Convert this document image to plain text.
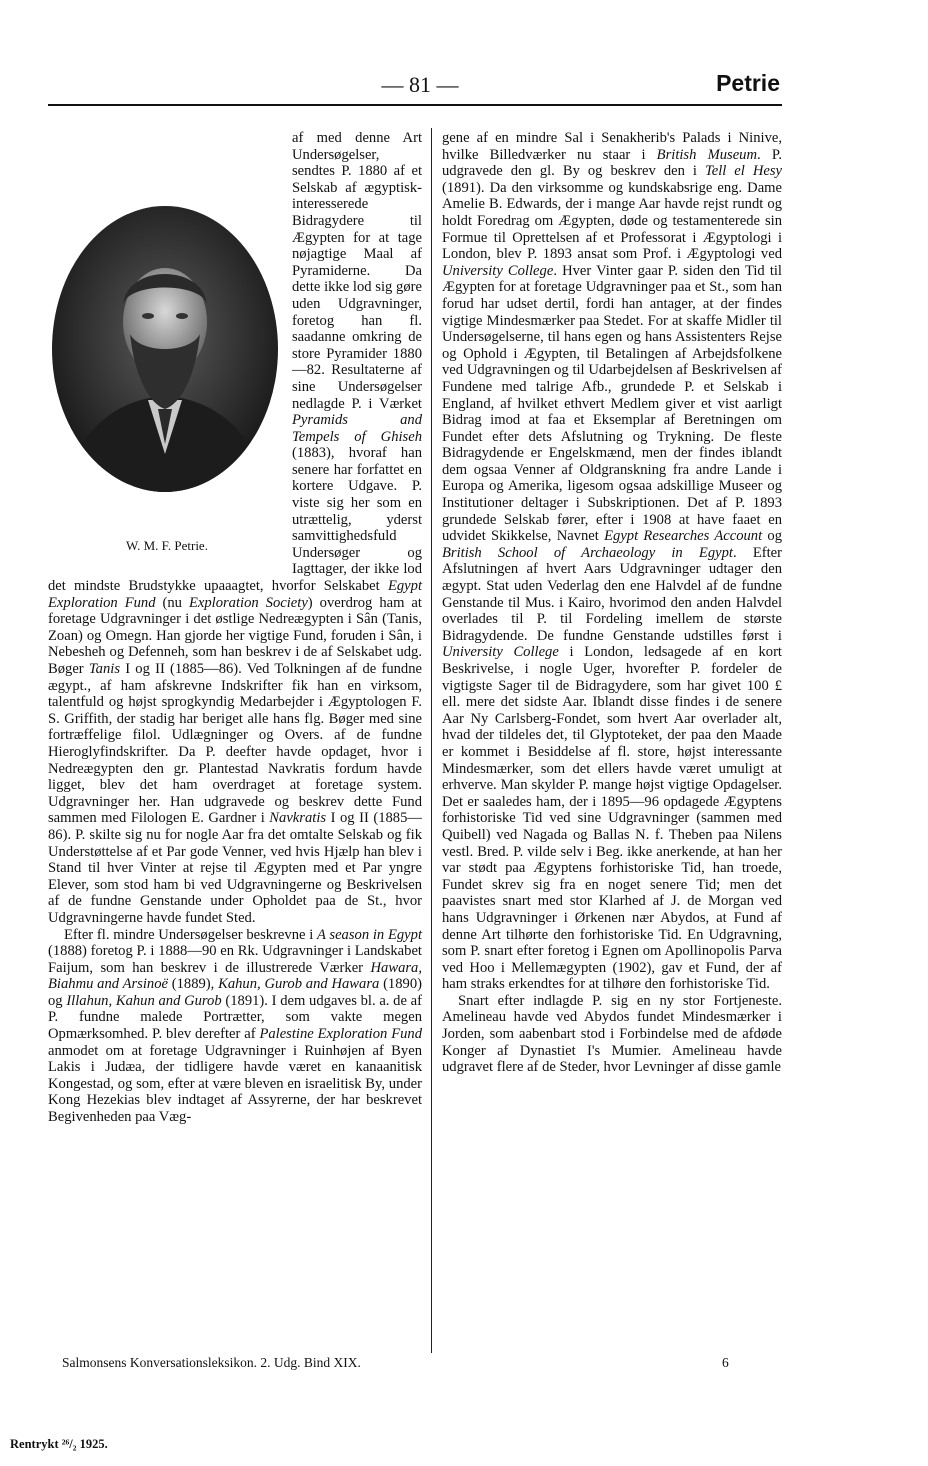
— 81 —	Petrie
W. M. F. Petrie.

af med denne Art Undersøgelser, sendtes P. 1880 af et Selskab af ægyptisk-interesserede Bidragydere til Ægypten for at tage nøjagtige Maal af Pyramiderne. Da dette ikke lod sig gøre uden Udgravninger, foretog han fl. saadanne omkring de store Pyramider 1880—82. Resultaterne af sine Undersøgelser nedlagde P. i Værket Pyramids and Tempels of Ghiseh (1883), hvoraf han senere har forfattet en kortere Udgave. P. viste sig her som en utrættelig, yderst samvittighedsfuld Undersøger og Iagttager, der ikke lod det mindste Brudstykke upaaagtet, hvorfor Selskabet Egypt Exploration Fund (nu Exploration Society) overdrog ham at foretage Udgravninger i det østlige Nedreægypten i Sân (Tanis, Zoan) og Omegn. Han gjorde her vigtige Fund, foruden i Sân, i Nebesheh og Defenneh, som han beskrev i de af Selskabet udg. Bøger Tanis I og II (1885—86). Ved Tolkningen af de fundne ægypt., af ham afskrevne Indskrifter fik han en virksom, talentfuld og højst sprogkyndig Medarbejder i Ægyptologen F. S. Griffith, der stadig har beriget alle hans flg. Bøger med sine fortræffelige filol. Udlægninger og Overs. af de fundne Hieroglyfindskrifter. Da P. deefter havde opdaget, hvor i Nedreægypten den gr. Plantestad Navkratis fordum havde ligget, blev det ham overdraget at foretage system. Udgravninger her. Han udgravede og beskrev dette Fund sammen med Filologen E. Gardner i Navkratis I og II (1885—86). P. skilte sig nu for nogle Aar fra det omtalte Selskab og fik Understøttelse af et Par gode Venner, ved hvis Hjælp han blev i Stand til hver Vinter at rejse til Ægypten med et Par yngre Elever, som stod ham bi ved Udgravningerne og Beskrivelsen af de fundne Genstande under Opholdet paa de St., hvor Udgravningerne havde fundet Sted.

Efter fl. mindre Undersøgelser beskrevne i A season in Egypt (1888) foretog P. i 1888—90 en Rk. Udgravninger i Landskabet Faijum, som han beskrev i de illustrerede Værker Hawara, Biahmu and Arsinoë (1889), Kahun, Gurob and Hawara (1890) og Illahun, Kahun and Gurob (1891). I dem udgaves bl. a. de af P. fundne malede Portrætter, som vakte megen Opmærksomhed. P. blev derefter af Palestine Exploration Fund anmodet om at foretage Udgravninger i Ruinhøjen af Byen Lakis i Judæa, der tidligere havde været en kanaanitisk Kongestad, og som, efter at være bleven en israelitisk By, under Kong Hezekias blev indtaget af Assyrerne, der har beskrevet Begivenheden paa Væg-

gene af en mindre Sal i Senakherib's Palads i Ninive, hvilke Billedværker nu staar i British Museum. P. udgravede den gl. By og beskrev den i Tell el Hesy (1891). Da den virksomme og kundskabsrige eng. Dame Amelie B. Edwards, der i mange Aar havde rejst rundt og holdt Foredrag om Ægypten, døde og testamenterede sin Formue til Oprettelsen af et Professorat i Ægyptologi i London, blev P. 1893 ansat som Prof. i Ægyptologi ved University College. Hver Vinter gaar P. siden den Tid til Ægypten for at foretage Udgravninger paa et St., som han forud har udset dertil, fordi han antager, at der findes vigtige Mindesmærker paa Stedet. For at skaffe Midler til Undersøgelserne, til hans egen og hans Assistenters Rejse og Ophold i Ægypten, til Betalingen af Arbejdsfolkene ved Udgravningen og til Udarbejdelsen af Beskrivelsen af Fundene med talrige Afb., grundede P. et Selskab i England, af hvilket ethvert Medlem giver et vist aarligt Bidrag imod at faa et Eksemplar af Beretningen om Fundet efter dets Afslutning og Trykning. De fleste Bidragydende er Engelskmænd, men der findes iblandt dem ogsaa Venner af Oldgranskning fra andre Lande i Europa og Amerika, ligesom ogsaa adskillige Museer og Institutioner deltager i Subskriptionen. Det af P. 1893 grundede Selskab fører, efter i 1908 at have faaet en udvidet Skikkelse, Navnet Egypt Researches Account og British School of Archaeology in Egypt. Efter Afslutningen af hvert Aars Udgravninger udtager den ægypt. Stat uden Vederlag den ene Halvdel af de fundne Genstande til Mus. i Kairo, hvorimod den anden Halvdel overlades til P. til Fordeling imellem de største Bidragydende. De fundne Genstande udstilles først i University College i London, ledsagede af en kort Beskrivelse, i nogle Uger, hvorefter P. fordeler de vigtigste Sager til de Bidragydere, som har givet 100 £ ell. mere det sidste Aar. Iblandt disse findes i de senere Aar Ny Carlsberg-Fondet, som hvert Aar overlader alt, hvad der tildeles det, til Glyptoteket, der paa den Maade er kommet i Besiddelse af fl. store, højst interessante Mindesmærker, som det ellers havde været umuligt at erhverve. Man skylder P. mange højst vigtige Opdagelser. Det er saaledes ham, der i 1895—96 opdagede Ægyptens forhistoriske Tid ved sine Udgravninger (sammen med Quibell) ved Nagada og Ballas N. f. Theben paa Nilens vestl. Bred. P. vilde selv i Beg. ikke anerkende, at han her var stødt paa Ægyptens forhistoriske Tid, han troede, Fundet skrev sig fra en noget senere Tid; men det paavistes snart med stor Klarhed af J. de Morgan ved hans Udgravninger i Ørkenen nær Abydos, at Fund af denne Art tilhørte den forhistoriske Tid. En Udgravning, som P. snart efter foretog i Egnen om Apollinopolis Parva ved Hoo i Mellemægypten (1902), gav et Fund, der af ham straks erkendtes for at tilhøre den forhistoriske Tid.

Snart efter indlagde P. sig en ny stor Fortjeneste. Amelineau havde ved Abydos fundet Mindesmærker i Jorden, som aabenbart stod i Forbindelse med de afdøde Konger af Dynastiet I's Mumier. Amelineau havde udgravet flere af de Steder, hvor Levninger af disse gamle

Salmonsens Konversationsleksikon. 2. Udg. Bind XIX.	6
Rentrykt ²⁶/₂ 1925.
